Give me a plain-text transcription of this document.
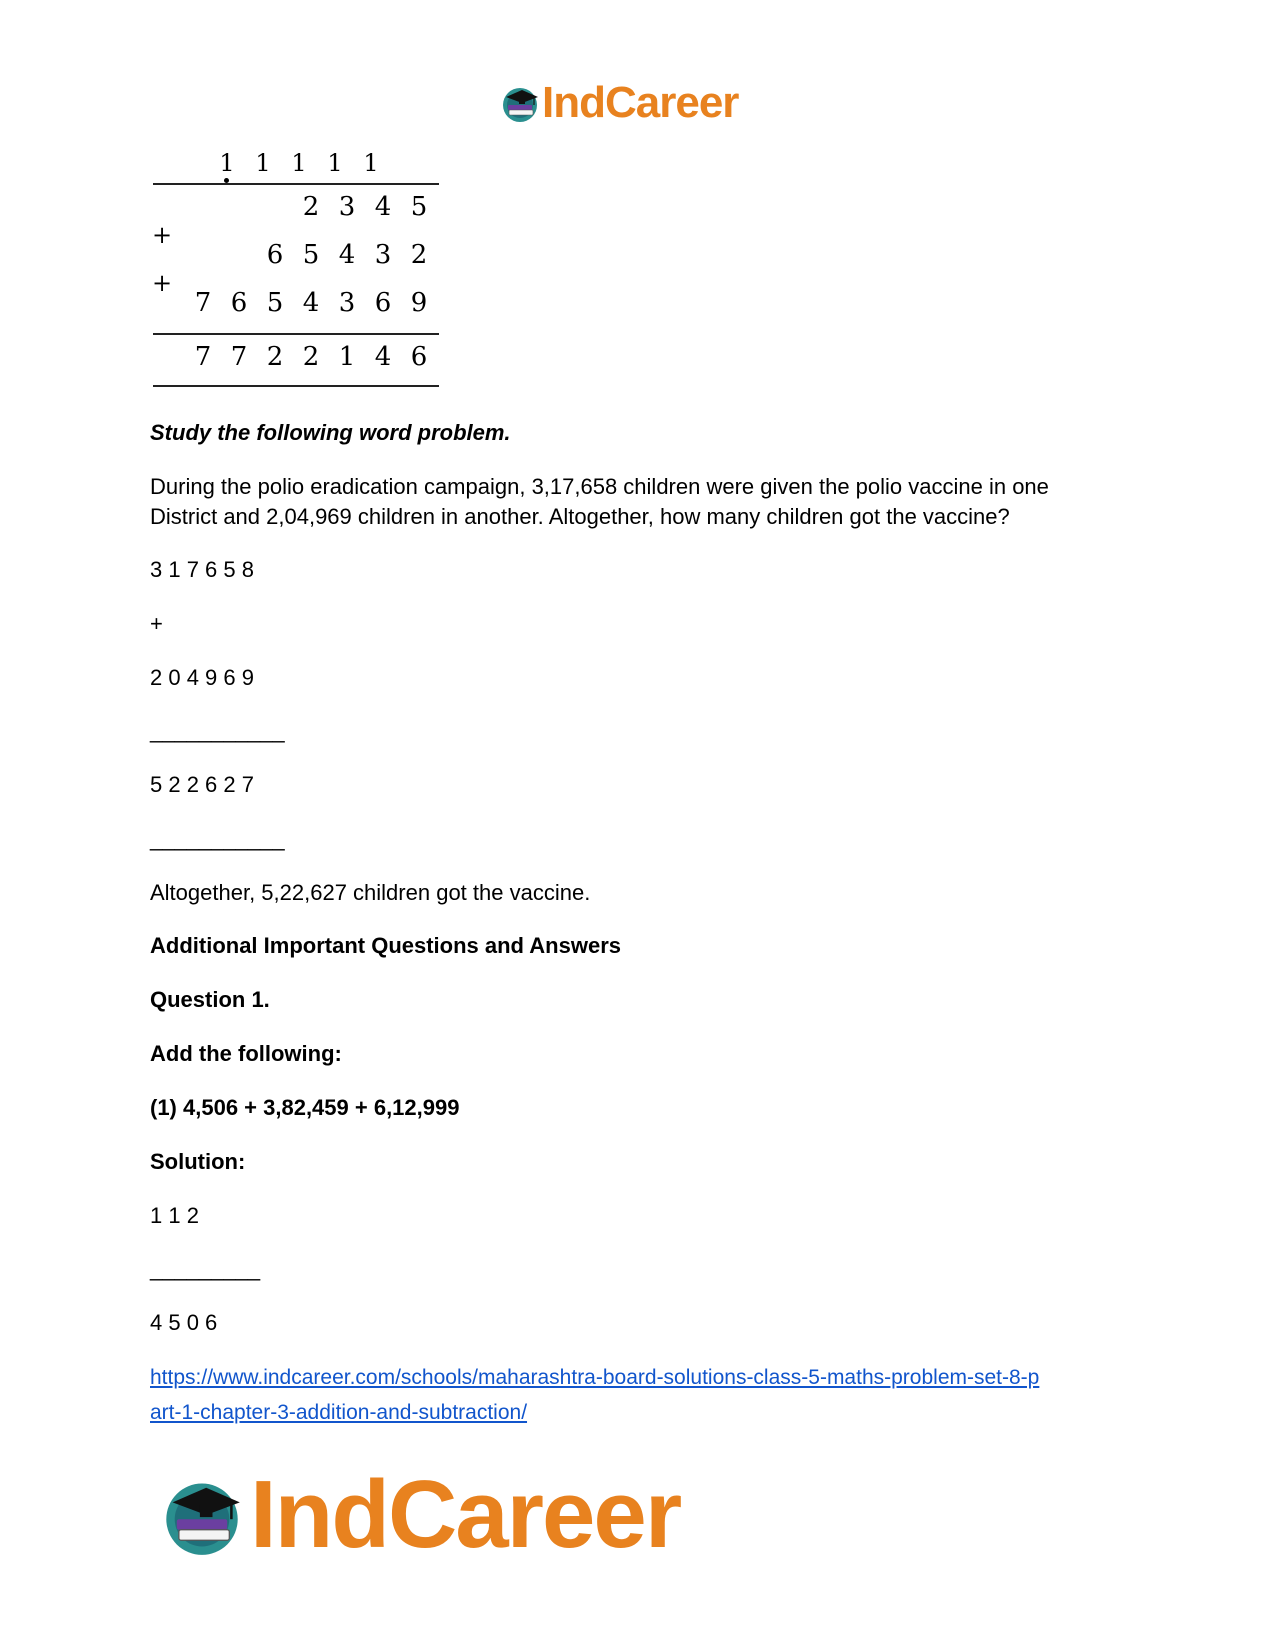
IndCareer
1 1 1 1 1
2 3 4 5
+
6 5 4 3 2
+
7 6 5 4 3 6 9
7 7 2 2 1 4 6
Study the following word problem.
During the polio eradication campaign, 3,17,658 children were given the polio vaccine in one
District and 2,04,969 children in another. Altogether, how many children got the vaccine?
3 1 7 6 5 8
+
2 0 4 9 6 9
___________
5 2 2 6 2 7
___________
Altogether, 5,22,627 children got the vaccine.
Additional Important Questions and Answers
Question 1.
Add the following:
(1) 4,506 + 3,82,459 + 6,12,999
Solution:
1 1 2
_________
4 5 0 6
https://www.indcareer.com/schools/maharashtra-board-solutions-class-5-maths-problem-set-8-p
art-1-chapter-3-addition-and-subtraction/
IndCareer
